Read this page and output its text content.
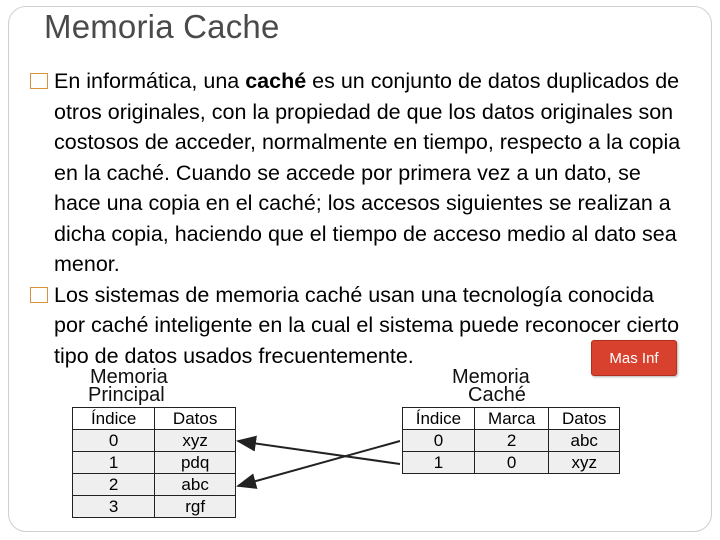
Memoria Cache
En informática, una caché es un conjunto de datos duplicados de otros originales, con la propiedad de que los datos originales son costosos de acceder, normalmente en tiempo, respecto a la copia en la caché. Cuando se accede por primera vez a un dato, se hace una copia en el caché; los accesos siguientes se realizan a dicha copia, haciendo que el tiempo de acceso medio al dato sea menor.
Los sistemas de memoria caché usan una tecnología conocida por caché inteligente en la cual el sistema puede reconocer cierto tipo de datos usados frecuentemente.
Memoria
Principal
Memoria
Caché
Índice	Datos
0	xyz
1	pdq
2	abc
3	rgf
Índice	Marca	Datos
0	2	abc
1	0	xyz
Mas Inf
